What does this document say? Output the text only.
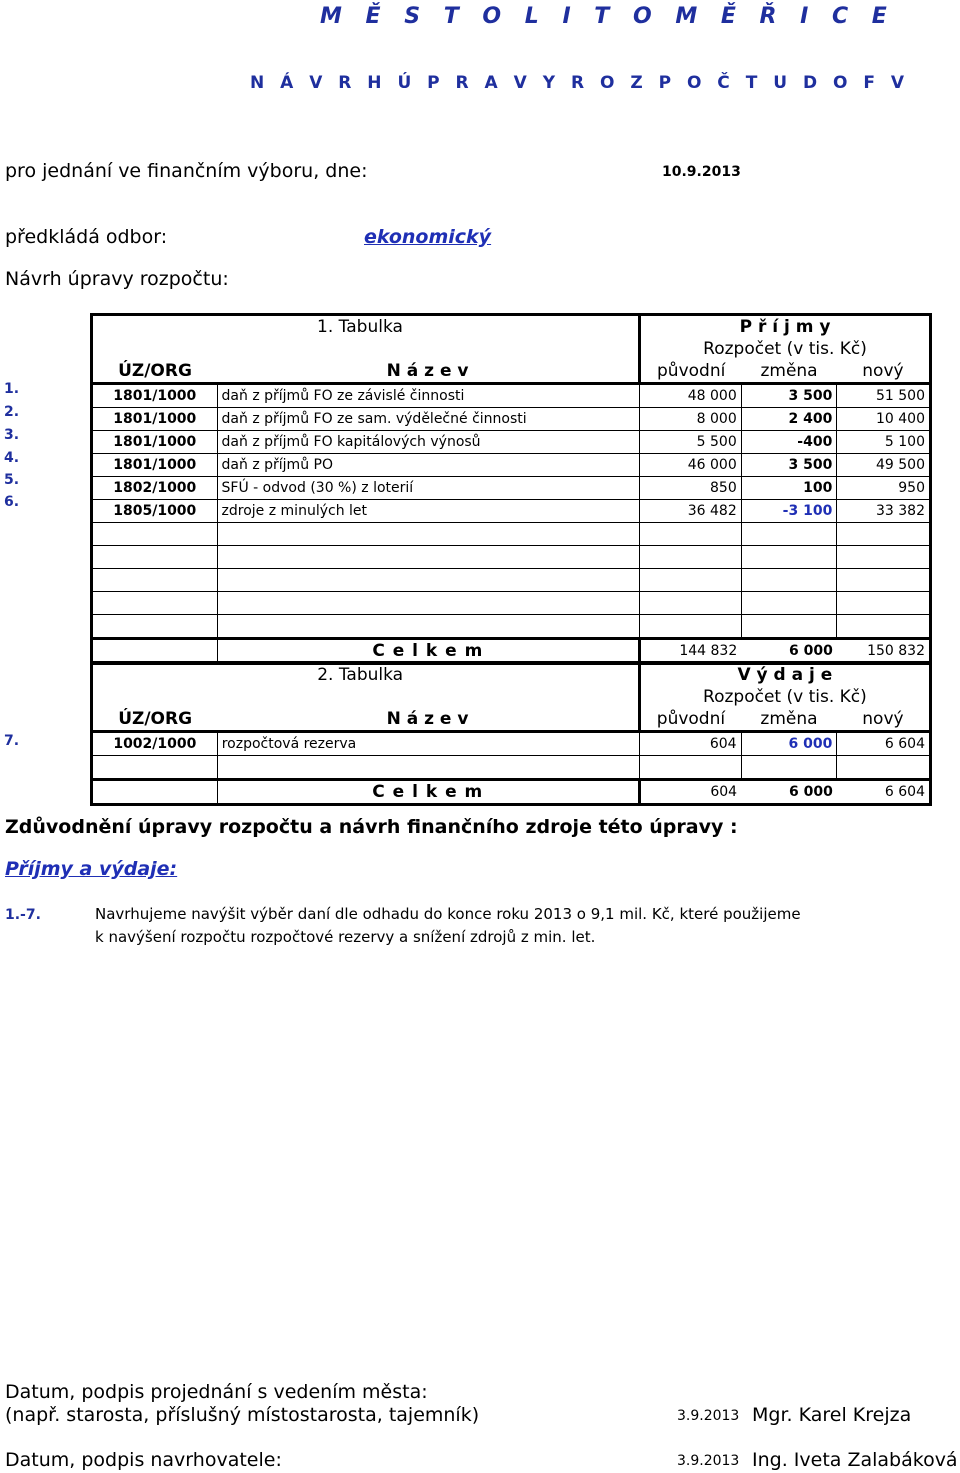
M Ě S T O L I T O M Ě Ř I C E
N Á V R H Ú P R A V Y R O Z P O Č T U D O F V
pro jednání ve finančním výboru, dne:	10.9.2013
předkládá odbor:	ekonomický
Návrh úpravy rozpočtu:
1.
2.
3.
4.
5.
6.
	1. Tabulka	P ř í j m y		
		Rozpočet (v tis. Kč)		
ÚZ/ORG	N á z e v	původní	změna	nový
1801/1000	daň z příjmů FO ze závislé činnosti	48 000	3 500	51 500
1801/1000	daň z příjmů FO ze sam. výdělečné činnosti	8 000	2 400	10 400
1801/1000	daň z příjmů FO kapitálových výnosů	5 500	-400	5 100
1801/1000	daň z příjmů PO	46 000	3 500	49 500
1802/1000	SFÚ - odvod (30 %) z loterií	850	100	950
1805/1000	zdroje z minulých let	36 482	-3 100	33 382

	C e l k e m	144 832	6 000	150 832
7.
	2. Tabulka	V ý d a j e		
		Rozpočet (v tis. Kč)		
ÚZ/ORG	N á z e v	původní	změna	nový
1002/1000	rozpočtová rezerva	604	6 000	6 604

	C e l k e m	604	6 000	6 604
Zdůvodnění úpravy rozpočtu a návrh finančního zdroje této úpravy :
Příjmy a výdaje:
1.-7.	Navrhujeme navýšit výběr daní dle odhadu do konce roku 2013 o 9,1 mil. Kč, které použijeme
k navýšení rozpočtu rozpočtové rezervy a snížení zdrojů z min. let.
Datum, podpis projednání s vedením města:
(např. starosta, příslušný místostarosta, tajemník)	3.9.2013 Mgr. Karel Krejza
Datum, podpis navrhovatele:	3.9.2013 Ing. Iveta Zalabáková
